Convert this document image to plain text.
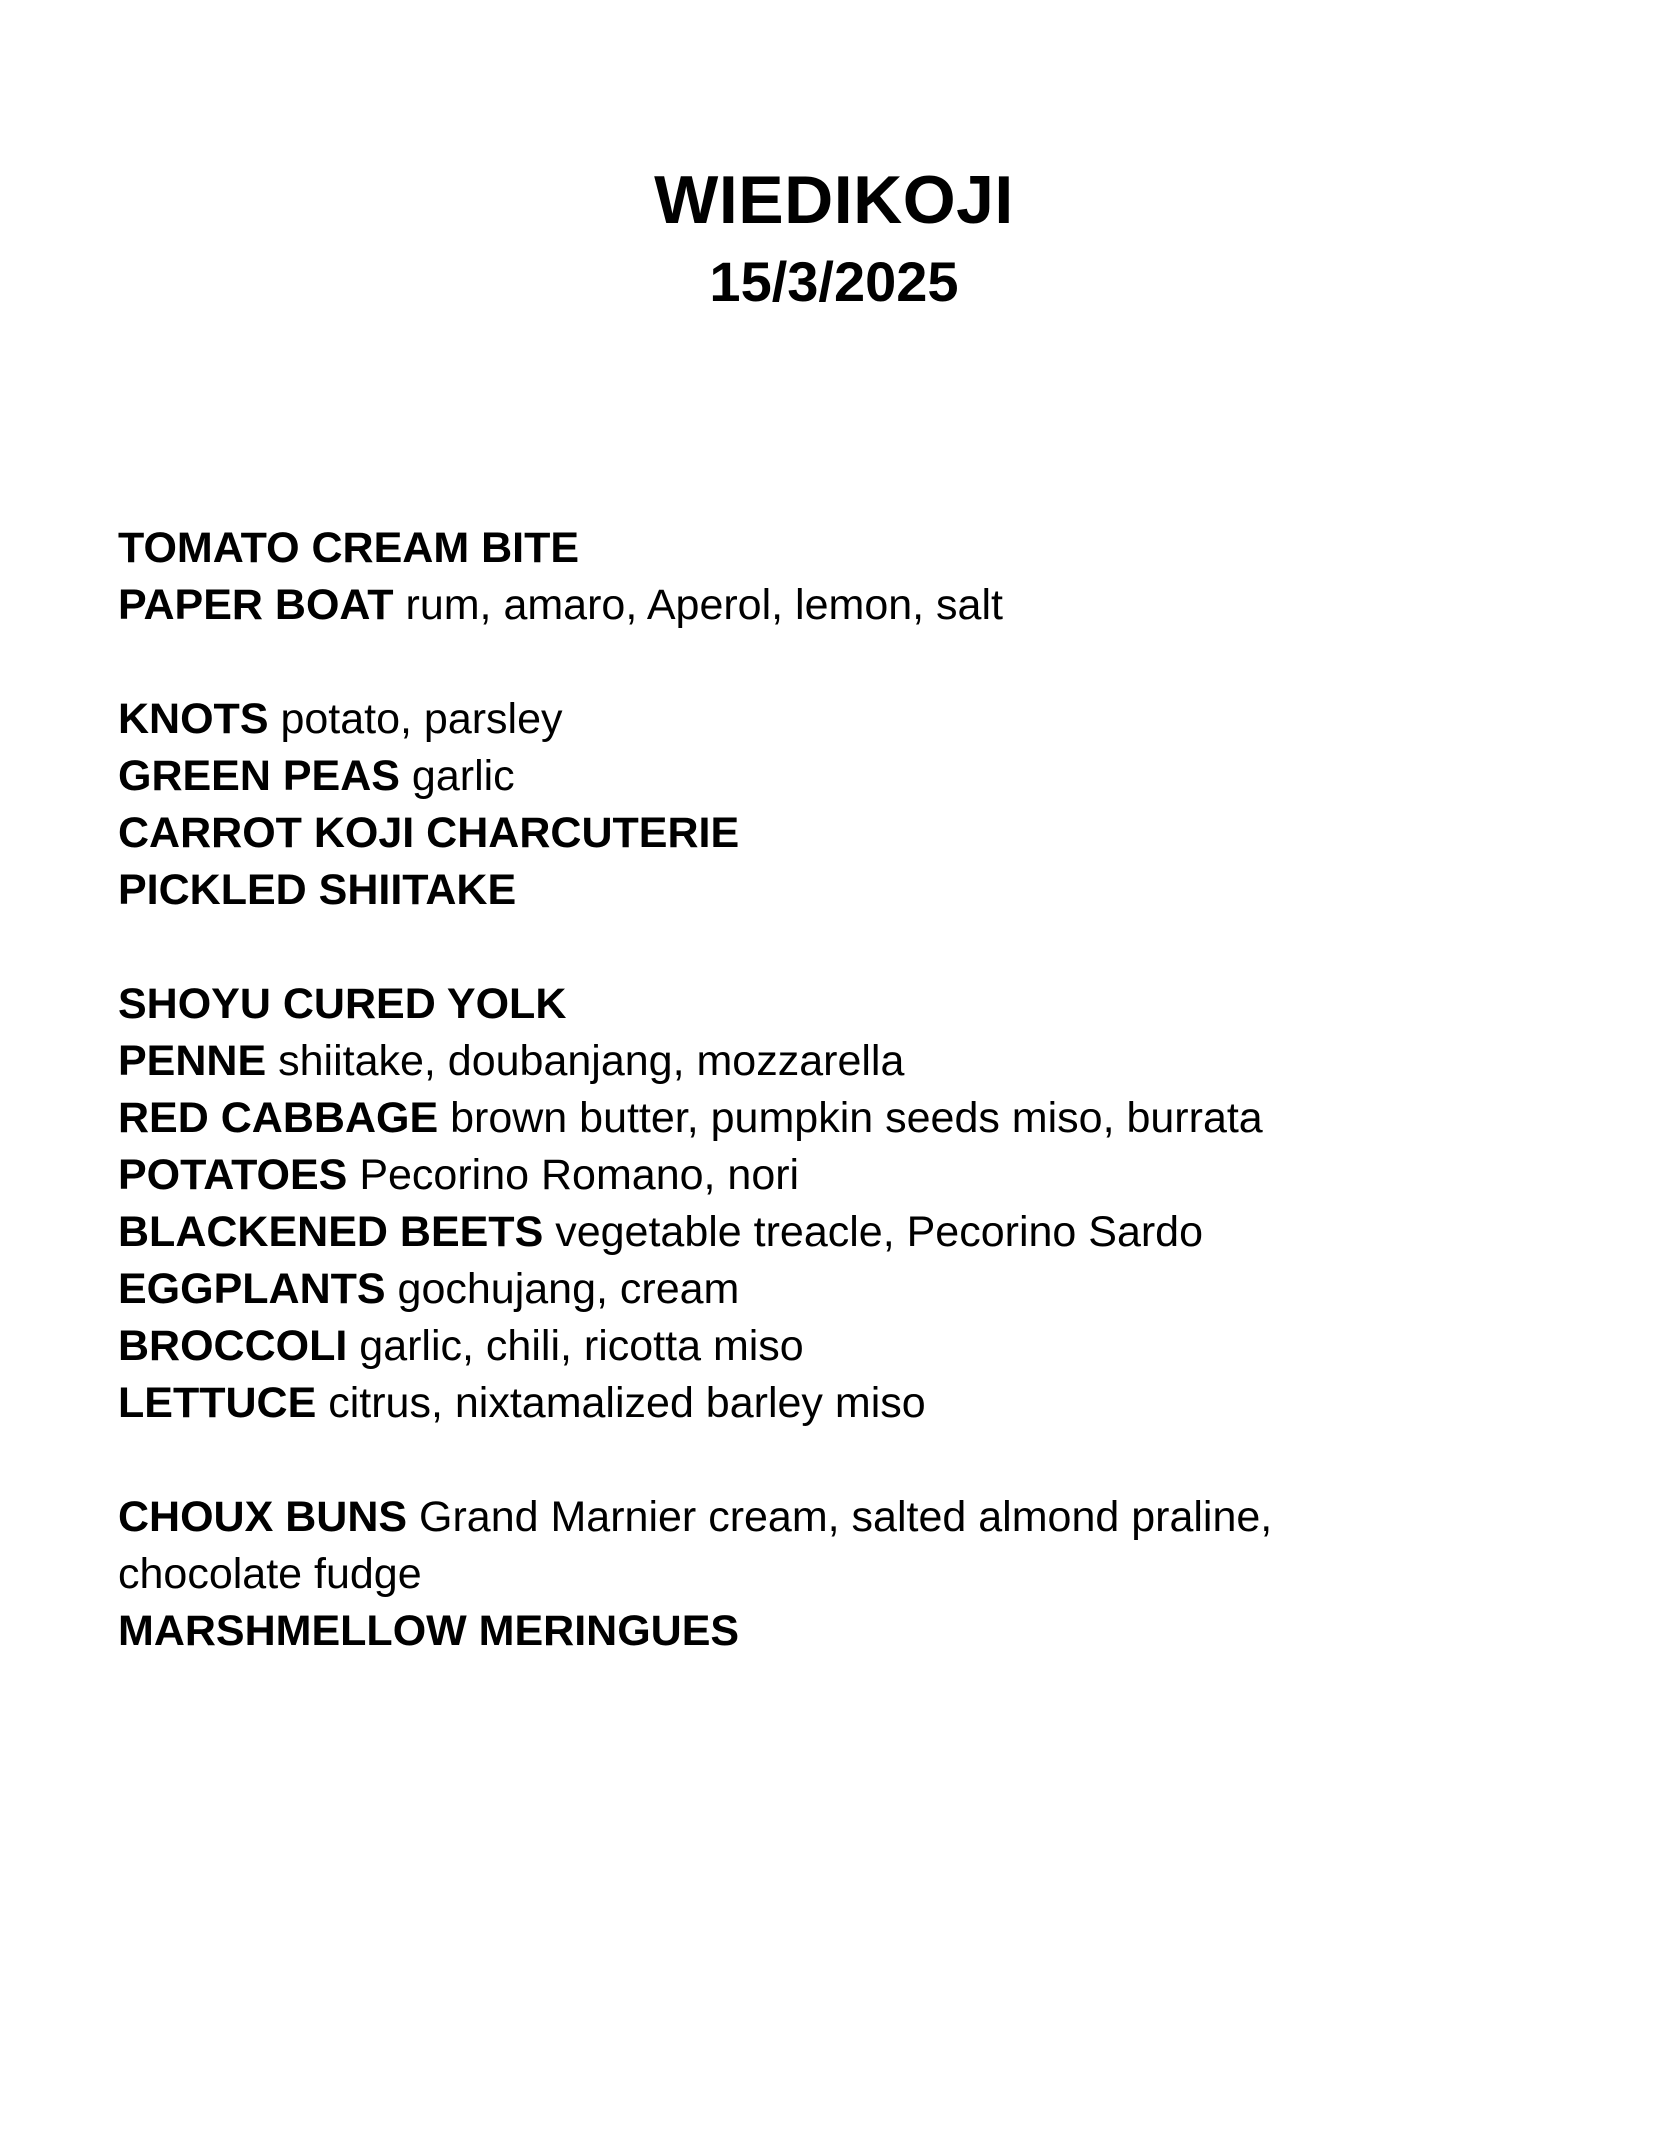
WIEDIKOJI
15/3/2025

TOMATO CREAM BITE

PAPER BOAT rum, amaro, Aperol, lemon, salt

KNOTS potato, parsley

GREEN PEAS garlic

CARROT KOJI CHARCUTERIE

PICKLED SHIITAKE

SHOYU CURED YOLK

PENNE shiitake, doubanjang, mozzarella

RED CABBAGE brown butter, pumpkin seeds miso, burrata

POTATOES Pecorino Romano, nori

BLACKENED BEETS vegetable treacle, Pecorino Sardo

EGGPLANTS gochujang, cream

BROCCOLI garlic, chili, ricotta miso

LETTUCE citrus, nixtamalized barley miso

CHOUX BUNS Grand Marnier cream, salted almond praline, chocolate fudge

MARSHMELLOW MERINGUES
